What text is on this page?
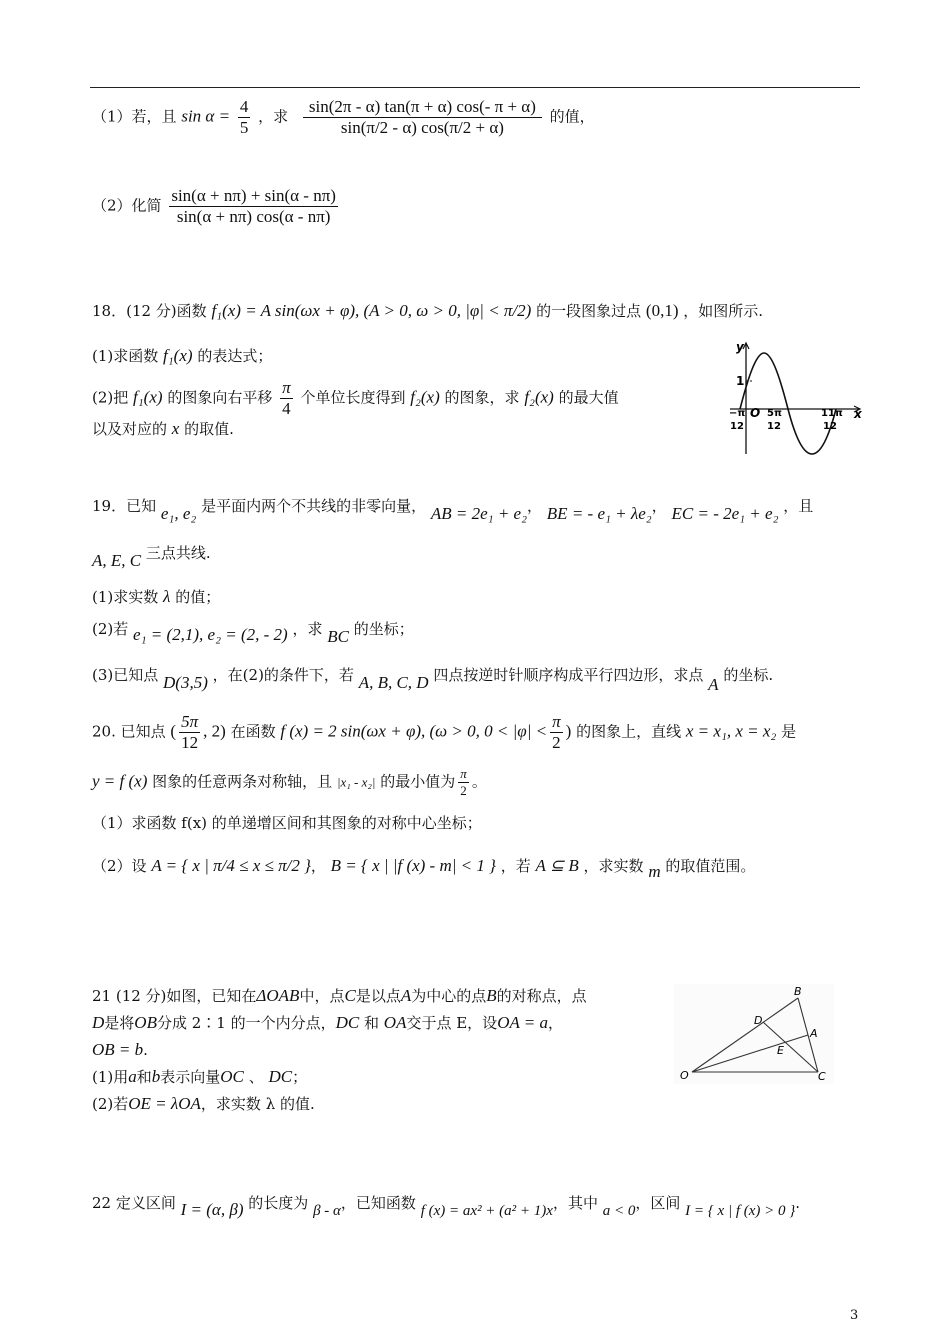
（1）若，且 $\sin \alpha = \frac{4}{5}$ ，求 $\frac{\sin(2\pi - \alpha) \tan(\pi + \alpha) \cos(- \pi + \alpha)}{\sin(\pi/2 - \alpha) \cos(\pi/2 + \alpha)}$ 的值，
（2）化简 $\frac{\sin(\alpha + n\pi) + \sin(\alpha - n\pi)}{\sin(\alpha + n\pi) \cos(\alpha - n\pi)}$
18．(12 分)函数 f₁(x) = A sin(ωx + φ), (A > 0, ω > 0, |φ| < π/2) 的一段图象过点 (0,1) ，如图所示.
(1)求函数 f₁(x) 的表达式；
(2)把 f₁(x) 的图象向右平移 $\frac{\pi}{4}$ 个单位长度得到 f₂(x) 的图象，求 f₂(x) 的最大值
以及对应的 x 的取值.
y
x
1
O
−π
12
5π
12
11π
12
19．已知 e₁, e₂ 是平面内两个不共线的非零向量， AB = 2e₁ + e₂， BE = - e₁ + λe₂， EC = - 2e₁ + e₂ ，且
A, E, C 三点共线.
(1)求实数 λ 的值；
(2)若 e₁ = (2,1), e₂ = (2, - 2) ，求 BC 的坐标；
(3)已知点 D(3,5) ，在(2)的条件下，若 A, B, C, D 四点按逆时针顺序构成平行四边形，求点 A 的坐标.
20. 已知点 ( $\frac{5\pi}{12}$ , 2) 在函数 f (x) = 2 sin(ωx + φ), (ω > 0, $0 < |\varphi| < \frac{\pi}{2}$ ) 的图象上，直线 x = x₁, x = x₂ 是
y = f (x) 图象的任意两条对称轴，且 |x₁ - x₂| 的最小值为 $\frac{\pi}{2}$ 。
（1）求函数 f(x) 的单递增区间和其图象的对称中心坐标；
（2）设 A = { x | π/4 ≤ x ≤ π/2 }， B = { x | |f (x) - m| < 1 } ，若 A ⊆ B ，求实数 m 的取值范围。
21 (12 分)如图，已知在ΔOAB中，点C是以点A为中心的点B的对称点，点
D是将OB分成 2∶1 的一个内分点，DC 和 OA交于点 E，设OA = a，
OB = b.
(1)用a和b表示向量OC 、 DC；
(2)若OE = λOA，求实数 λ 的值.
B
D
A
E
O	C
22 定义区间 I = (α, β) 的长度为 β - α，已知函数 f (x) = ax² + (a² + 1)x，其中 a < 0，区间 I = { x | f (x) > 0 }.
3
